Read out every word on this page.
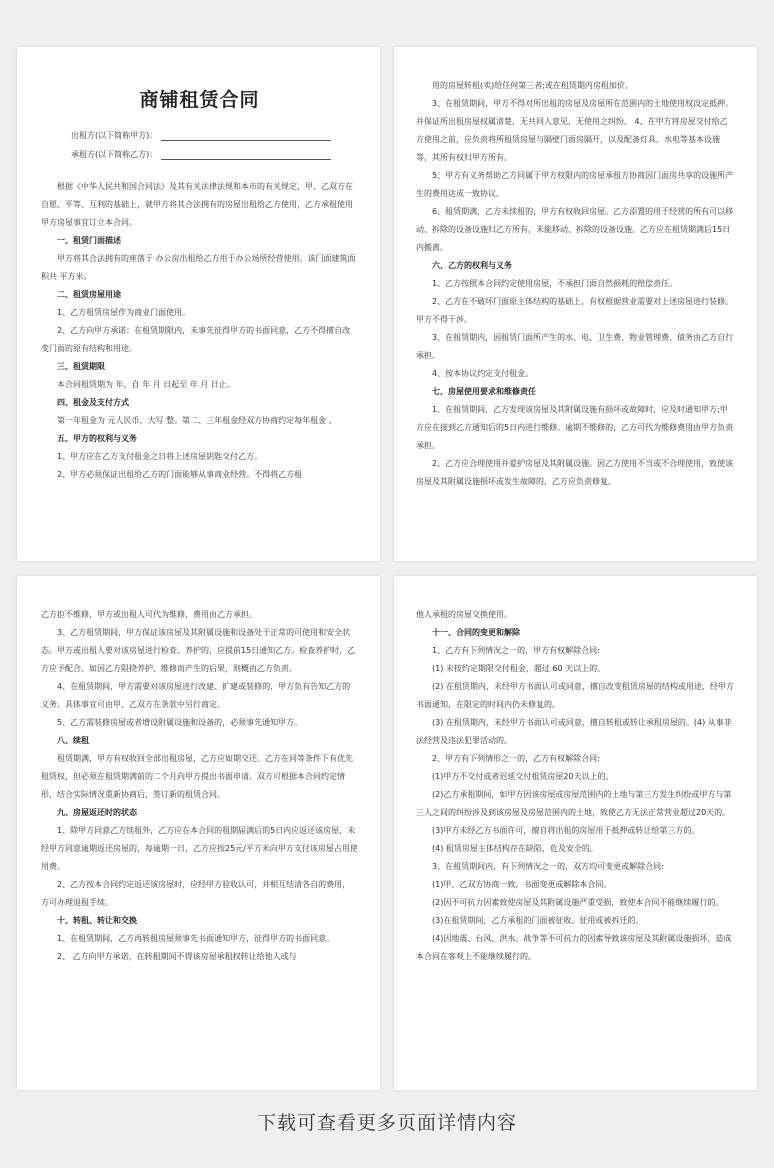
商铺租赁合同
出租方(以下简称甲方)：
承租方(以下简称乙方)：

根据《中华人民共和国合同法》及其有关法律法规和本市的有关规定，甲、乙双方在自愿、平等、互利的基础上，就甲方将其合法拥有的房屋出租给乙方使用，乙方承租使用甲方房屋事宜订立本合同。

一、租赁门面描述

甲方将其合法拥有的座落于 办公房出租给乙方用于办公场所经营使用。该门面建筑面积共 平方米。

二、租赁房屋用途

1、乙方租赁房屋作为商业门面使用。

2、乙方向甲方承诺：在租赁期限内，未事先征得甲方的书面同意，乙方不得擅自改变门面的原有结构和用途。

三、租赁期限

本合同租赁期为 年，自 年 月 日起至 年 月 日止。

四、租金及支付方式

第一年租金为 元人民币，大写 整。第二、三年租金经双方协商约定每年租金 。

五、甲方的权利与义务

1、甲方应在乙方支付租金之日将上述房屋钥匙交付乙方。

2、甲方必须保证出租给乙方的门面能够从事商业经营。不得将乙方租

用的房屋转租(卖)给任何第三者;或在租赁期内房租加价。

3、在租赁期间，甲方不得对所出租的房屋及房屋所在范围内的土地使用权设定抵押。并保证所出租房屋权属清楚，无共同人意见，无使用之纠纷。 4、在甲方将房屋交付给乙方使用之前，应负责将所租赁房屋与隔壁门面房隔开，以及配备灯具、水电等基本设施等，其所有权归甲方所有。

5、甲方有义务帮助乙方同属于甲方权限内的房屋承租方协商因门面房共享的设施所产生的费用达成一致协议。

6、租赁期满，乙方未续租的，甲方有权收回房屋。乙方添置的用于经营的所有可以移动、拆除的设备设施归乙方所有，未能移动、拆除的设备设施。乙方应在租赁期满后15日内搬离。

六、乙方的权利与义务

1、乙方按照本合同约定使用房屋，不承担门面自然损耗的赔偿责任。

2、乙方在不破坏门面原主体结构的基础上，有权根据营业需要对上述房屋进行装修。甲方不得干涉。

3、在租赁期内，因租赁门面所产生的水、电、卫生费、物业管理费、债务由乙方自行承担。

4、按本协议约定支付租金。

七、房屋使用要求和维修责任

1、在租赁期间，乙方发现该房屋及其附属设施有损坏或故障时，应及时通知甲方;甲方应在接到乙方通知后的5日内进行维修。逾期不维修的，乙方可代为维修费用由甲方负责承担。

2、乙方应合理使用并爱护房屋及其附属设施。因乙方使用不当或不合理使用，致使该房屋及其附属设施损坏或发生故障的，乙方应负责修复。

乙方拒不维修，甲方或出租人可代为维修，费用由乙方承担。

3、乙方租赁期间，甲方保证该房屋及其附属设施和设备处于正常的可使用和安全状态。甲方或出租人要对该房屋进行检查、养护的，应提前15日通知乙方。检查养护时，乙方应予配合。如因乙方阻挠养护、维修而产生的后果，则概由乙方负责。

4、在租赁期间，甲方需要对该房屋进行改建、扩建或装修的，甲方负有告知乙方的义务。具体事宜可由甲、乙双方在条款中另行商定。

5、乙方需装修房屋或者增设附属设施和设备的，必须事先通知甲方。

八、续租

租赁期满，甲方有权收回全部出租房屋，乙方应如期交还。乙方在同等条件下有优先租赁权，但必须在租赁期满前的二个月向甲方提出书面申请。双方可根据本合同约定情形，结合实际情况重新协商后，签订新的租赁合同。

九、房屋返还时的状态

1、除甲方同意乙方续租外，乙方应在本合同的租期届满后的5日内应返还该房屋，未经甲方同意逾期返还房屋的，每逾期一日，乙方应按25元/平方米向甲方支付该房屋占用使用费。

2、乙方按本合同约定返还该房屋时，应经甲方验收认可，并相互结清各自的费用，方可办理退租手续。

十、转租、转让和交换

1、在租赁期间，乙方再转租房屋须事先书面通知甲方，征得甲方的书面同意。

2、 乙方向甲方承诺，在转租期间不得该房屋承租权转让给他人或与

他人承租的房屋交换使用。

十一、合同的变更和解除

1、乙方有下列情况之一的，甲方有权解除合同:

(1) 未按约定期限交付租金，超过 60 天以上的。

(2) 在租赁期内，未经甲方书面认可或同意，擅自改变租赁房屋的结构或用途，经甲方书面通知，在限定的时间内仍未修复的。

(3) 在租赁期内，未经甲方书面认可或同意，擅自转租或转让承租房屋的。(4) 从事非法经营及违法犯罪活动的。

2、甲方有下列情形之一的，乙方有权解除合同:

(1)甲方不交付或者迟延交付租赁房屋20天以上的。

(2)乙方承租期间，如甲方因该房屋或房屋范围内的土地与第三方发生纠纷或甲方与第三人之间的纠纷涉及到该房屋及房屋范围内的土地，致使乙方无法正常营业超过20天的。

(3)甲方未经乙方书面许可，擅自将出租的房屋用于抵押或转让给第三方的。

(4) 租赁房屋主体结构存在缺陷，危及安全的。

3、在租赁期间内，有下列情况之一的，双方均可变更或解除合同:

(1)甲、乙双方协商一致，书面变更或解除本合同。

(2)因不可抗力因素致使房屋及其附属设施严重受损，致使本合同不能继续履行的。

(3)在租赁期间，乙方承租的门面被征收、征用或被拆迁的。

(4)因地震、台风、洪水、战争等不可抗力的因素导致该房屋及其附属设施损坏，造成本合同在客观上不能继续履行的。

下载可查看更多页面详情内容
